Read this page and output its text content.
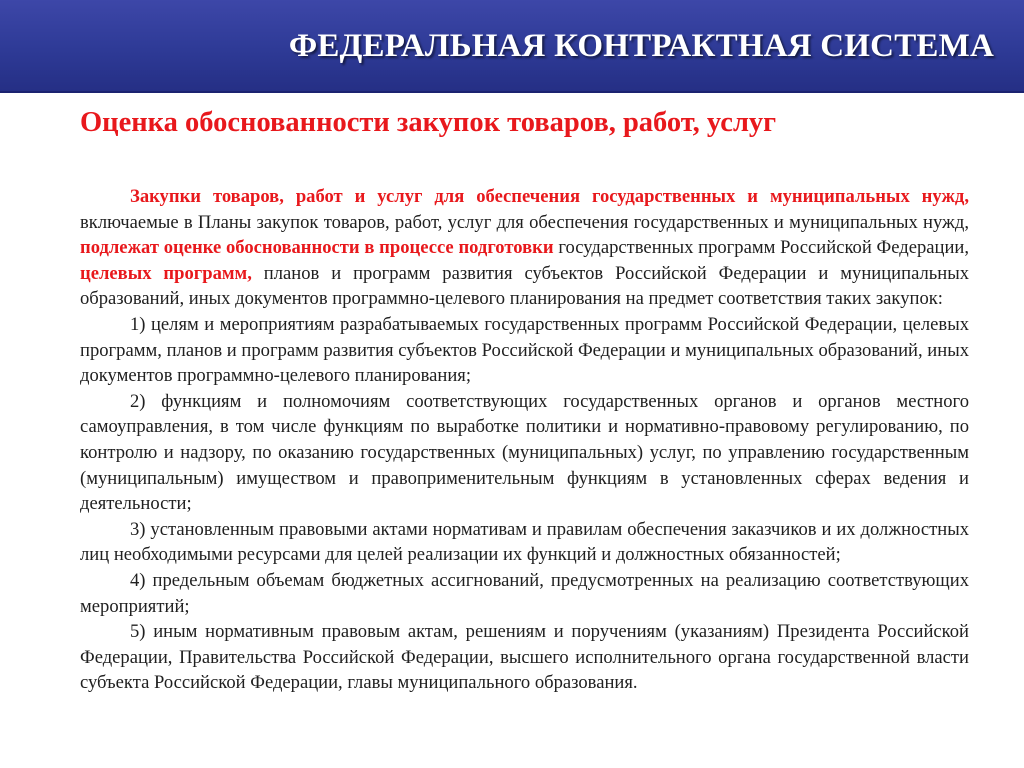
ФЕДЕРАЛЬНАЯ КОНТРАКТНАЯ СИСТЕМА
Оценка обоснованности закупок товаров, работ, услуг

Закупки товаров, работ и услуг для обеспечения государственных и муниципальных нужд, включаемые в Планы закупок товаров, работ, услуг для обеспечения государственных и муниципальных нужд, подлежат оценке обоснованности в процессе подготовки государственных программ Российской Федерации, целевых программ, планов и программ развития субъектов Российской Федерации и муниципальных образований, иных документов программно-целевого планирования на предмет соответствия таких закупок:

1) целям и мероприятиям разрабатываемых государственных программ Российской Федерации, целевых программ, планов и программ развития субъектов Российской Федерации и муниципальных образований, иных документов программно-целевого планирования;

2) функциям и полномочиям соответствующих государственных органов и органов местного самоуправления, в том числе функциям по выработке политики и нормативно-правовому регулированию, по контролю и надзору, по оказанию государственных (муниципальных) услуг, по управлению государственным (муниципальным) имуществом и правоприменительным функциям в установленных сферах ведения и деятельности;

3) установленным правовыми актами нормативам и правилам обеспечения заказчиков и их должностных лиц необходимыми ресурсами для целей реализации их функций и должностных обязанностей;

4) предельным объемам бюджетных ассигнований, предусмотренных на реализацию соответствующих мероприятий;

5) иным нормативным правовым актам, решениям и поручениям (указаниям) Президента Российской Федерации, Правительства Российской Федерации, высшего исполнительного органа государственной власти субъекта Российской Федерации, главы муниципального образования.
